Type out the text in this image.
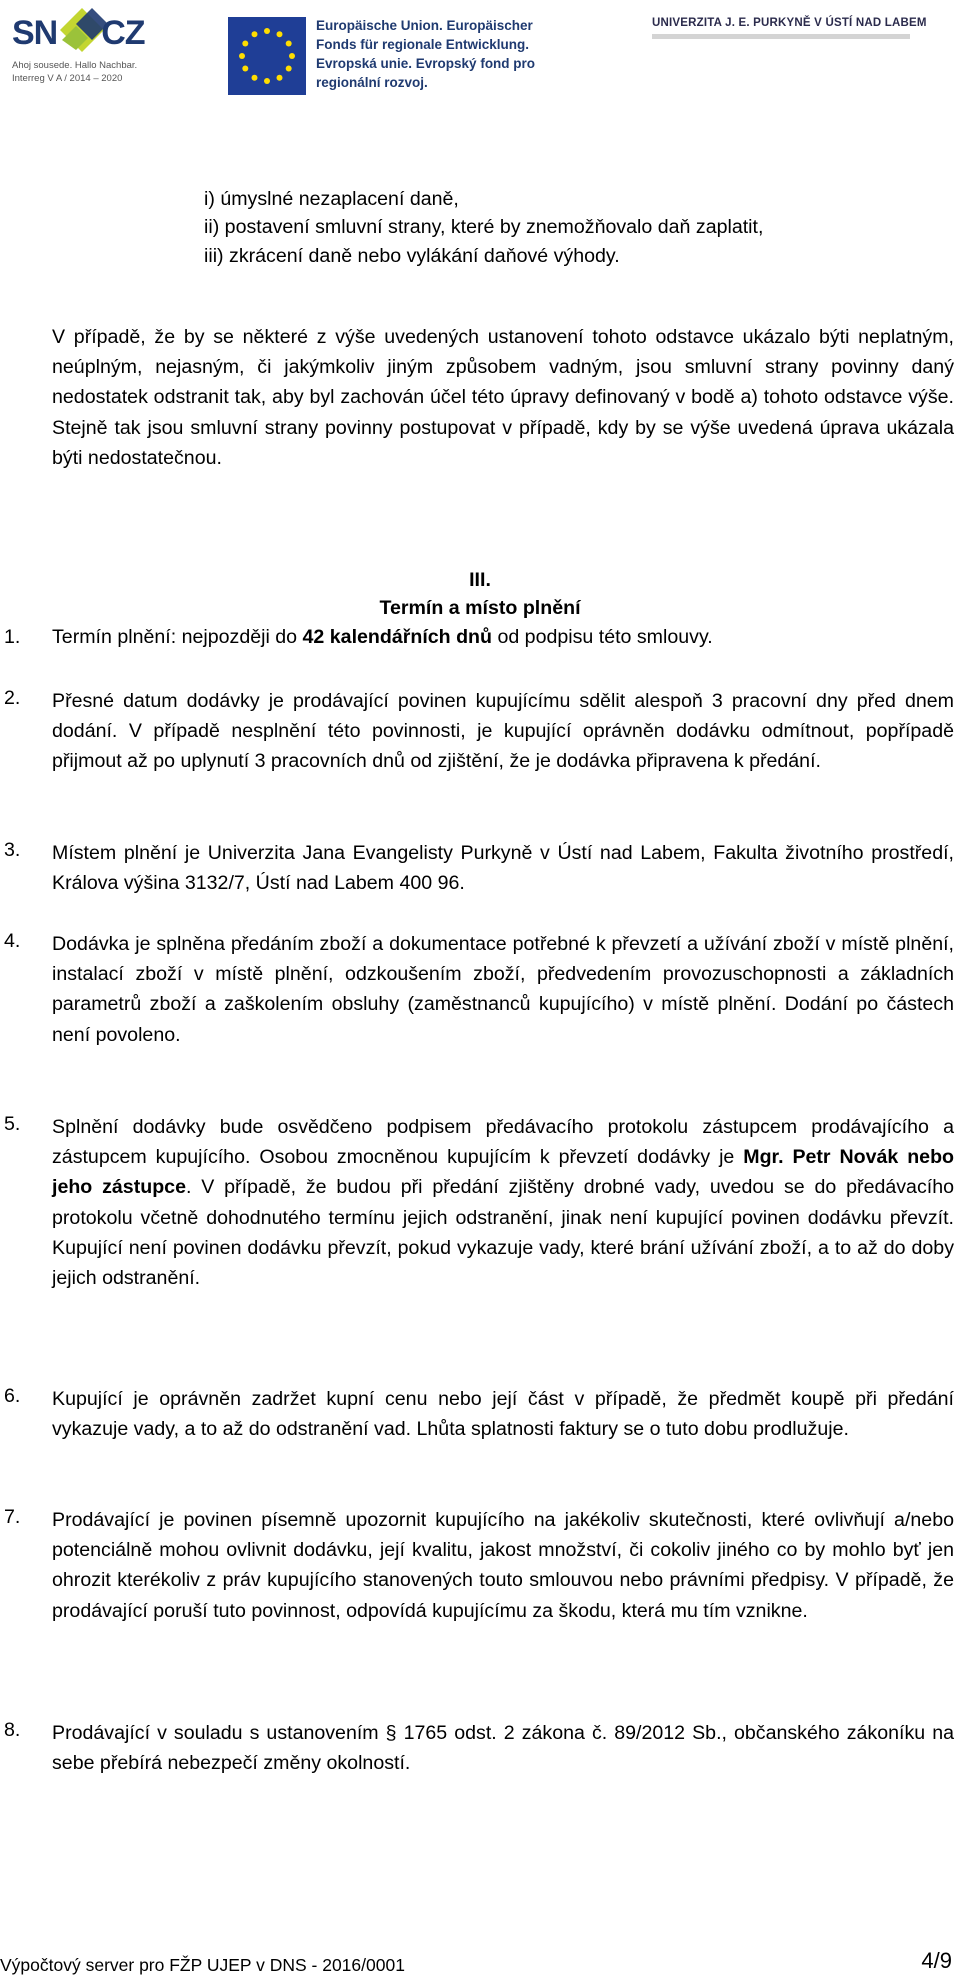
SN CZ
Ahoj sousede. Hallo Nachbar.
Interreg V A / 2014 – 2020
Europäische Union. Europäischer
Fonds für regionale Entwicklung.
Evropská unie. Evropský fond pro
regionální rozvoj.
UNIVERZITA J. E. PURKYNĚ V ÚSTÍ NAD LABEM
i) úmyslné nezaplacení daně,
ii) postavení smluvní strany, které by znemožňovalo daň zaplatit,
iii) zkrácení daně nebo vylákání daňové výhody.
V případě, že by se některé z výše uvedených ustanovení tohoto odstavce ukázalo býti neplatným, neúplným, nejasným, či jakýmkoliv jiným způsobem vadným, jsou smluvní strany povinny daný nedostatek odstranit tak, aby byl zachován účel této úpravy definovaný v bodě a) tohoto odstavce výše. Stejně tak jsou smluvní strany povinny postupovat v případě, kdy by se výše uvedená úprava ukázala býti nedostatečnou.
III.
Termín a místo plnění
1. Termín plnění: nejpozději do 42 kalendářních dnů od podpisu této smlouvy.
2. Přesné datum dodávky je prodávající povinen kupujícímu sdělit alespoň 3 pracovní dny před dnem dodání. V případě nesplnění této povinnosti, je kupující oprávněn dodávku odmítnout, popřípadě přijmout až po uplynutí 3 pracovních dnů od zjištění, že je dodávka připravena k předání.
3. Místem plnění je Univerzita Jana Evangelisty Purkyně v Ústí nad Labem, Fakulta životního prostředí, Králova výšina 3132/7, Ústí nad Labem 400 96.
4. Dodávka je splněna předáním zboží a dokumentace potřebné k převzetí a užívání zboží v místě plnění, instalací zboží v místě plnění, odzkoušením zboží, předvedením provozuschopnosti a základních parametrů zboží a zaškolením obsluhy (zaměstnanců kupujícího) v místě plnění. Dodání po částech není povoleno.
5. Splnění dodávky bude osvědčeno podpisem předávacího protokolu zástupcem prodávajícího a zástupcem kupujícího. Osobou zmocněnou kupujícím k převzetí dodávky je Mgr. Petr Novák nebo jeho zástupce. V případě, že budou při předání zjištěny drobné vady, uvedou se do předávacího protokolu včetně dohodnutého termínu jejich odstranění, jinak není kupující povinen dodávku převzít. Kupující není povinen dodávku převzít, pokud vykazuje vady, které brání užívání zboží, a to až do doby jejich odstranění.
6. Kupující je oprávněn zadržet kupní cenu nebo její část v případě, že předmět koupě při předání vykazuje vady, a to až do odstranění vad. Lhůta splatnosti faktury se o tuto dobu prodlužuje.
7. Prodávající je povinen písemně upozornit kupujícího na jakékoliv skutečnosti, které ovlivňují a/nebo potenciálně mohou ovlivnit dodávku, její kvalitu, jakost množství, či cokoliv jiného co by mohlo byť jen ohrozit kterékoliv z práv kupujícího stanovených touto smlouvou nebo právními předpisy. V případě, že prodávající poruší tuto povinnost, odpovídá kupujícímu za škodu, která mu tím vznikne.
8. Prodávající v souladu s ustanovením § 1765 odst. 2 zákona č. 89/2012 Sb., občanského zákoníku na sebe přebírá nebezpečí změny okolností.
Výpočtový server pro FŽP UJEP v DNS - 2016/0001	4/9
